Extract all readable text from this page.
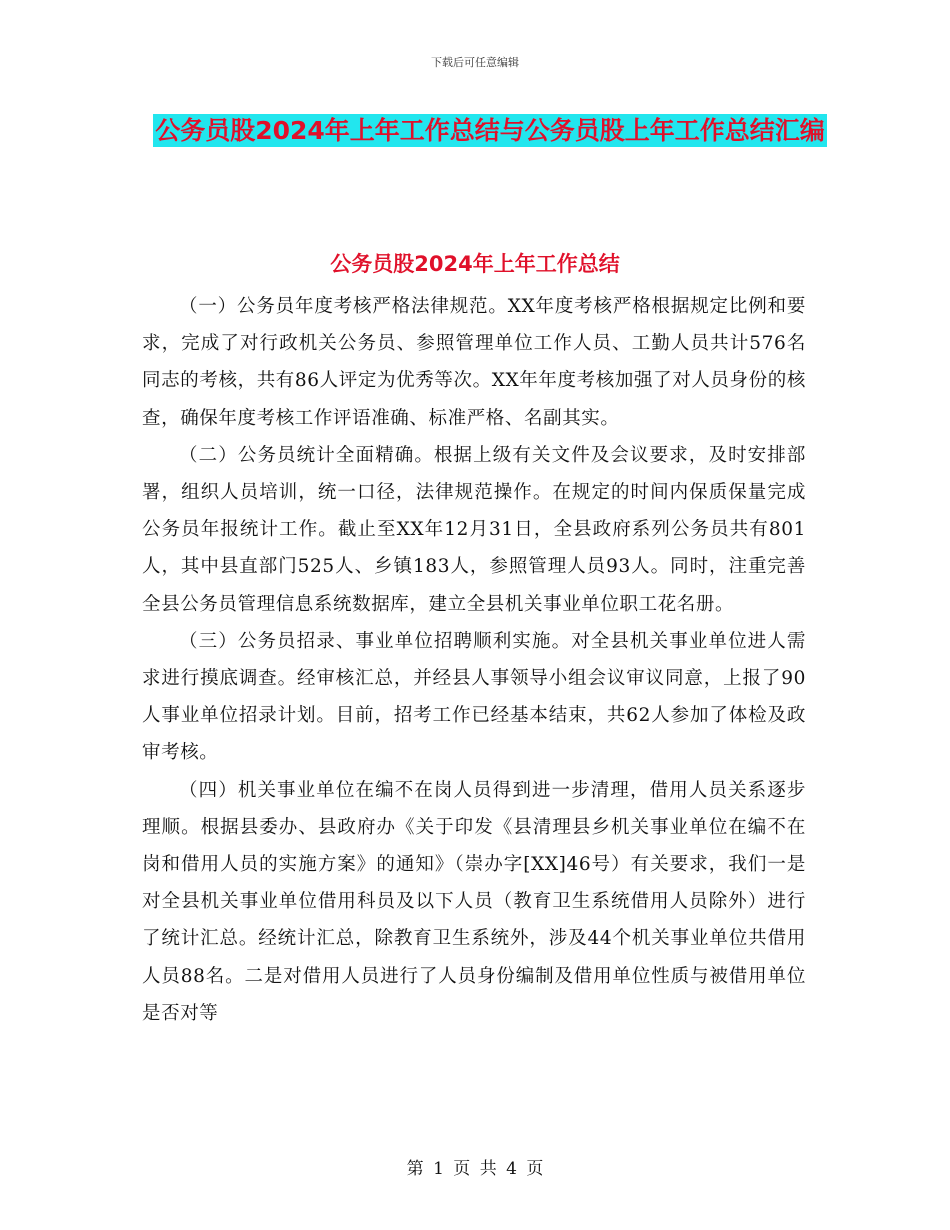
下载后可任意编辑
公务员股2024年上年工作总结与公务员股上年工作总结汇编
公务员股2024年上年工作总结

（一）公务员年度考核严格法律规范。XX年度考核严格根据规定比例和要求，完成了对行政机关公务员、参照管理单位工作人员、工勤人员共计576名同志的考核，共有86人评定为优秀等次。XX年年度考核加强了对人员身份的核查，确保年度考核工作评语准确、标准严格、名副其实。

（二）公务员统计全面精确。根据上级有关文件及会议要求，及时安排部署，组织人员培训，统一口径，法律规范操作。在规定的时间内保质保量完成公务员年报统计工作。截止至XX年12月31日，全县政府系列公务员共有801人，其中县直部门525人、乡镇183人，参照管理人员93人。同时，注重完善全县公务员管理信息系统数据库，建立全县机关事业单位职工花名册。

（三）公务员招录、事业单位招聘顺利实施。对全县机关事业单位进人需求进行摸底调查。经审核汇总，并经县人事领导小组会议审议同意，上报了90人事业单位招录计划。目前，招考工作已经基本结束，共62人参加了体检及政审考核。

（四）机关事业单位在编不在岗人员得到进一步清理，借用人员关系逐步理顺。根据县委办、县政府办《关于印发《县清理县乡机关事业单位在编不在岗和借用人员的实施方案》的通知》（崇办字[XX]46号）有关要求，我们一是对全县机关事业单位借用科员及以下人员（教育卫生系统借用人员除外）进行了统计汇总。经统计汇总，除教育卫生系统外，涉及44个机关事业单位共借用人员88名。二是对借用人员进行了人员身份编制及借用单位性质与被借用单位是否对等

第 1 页 共 4 页
